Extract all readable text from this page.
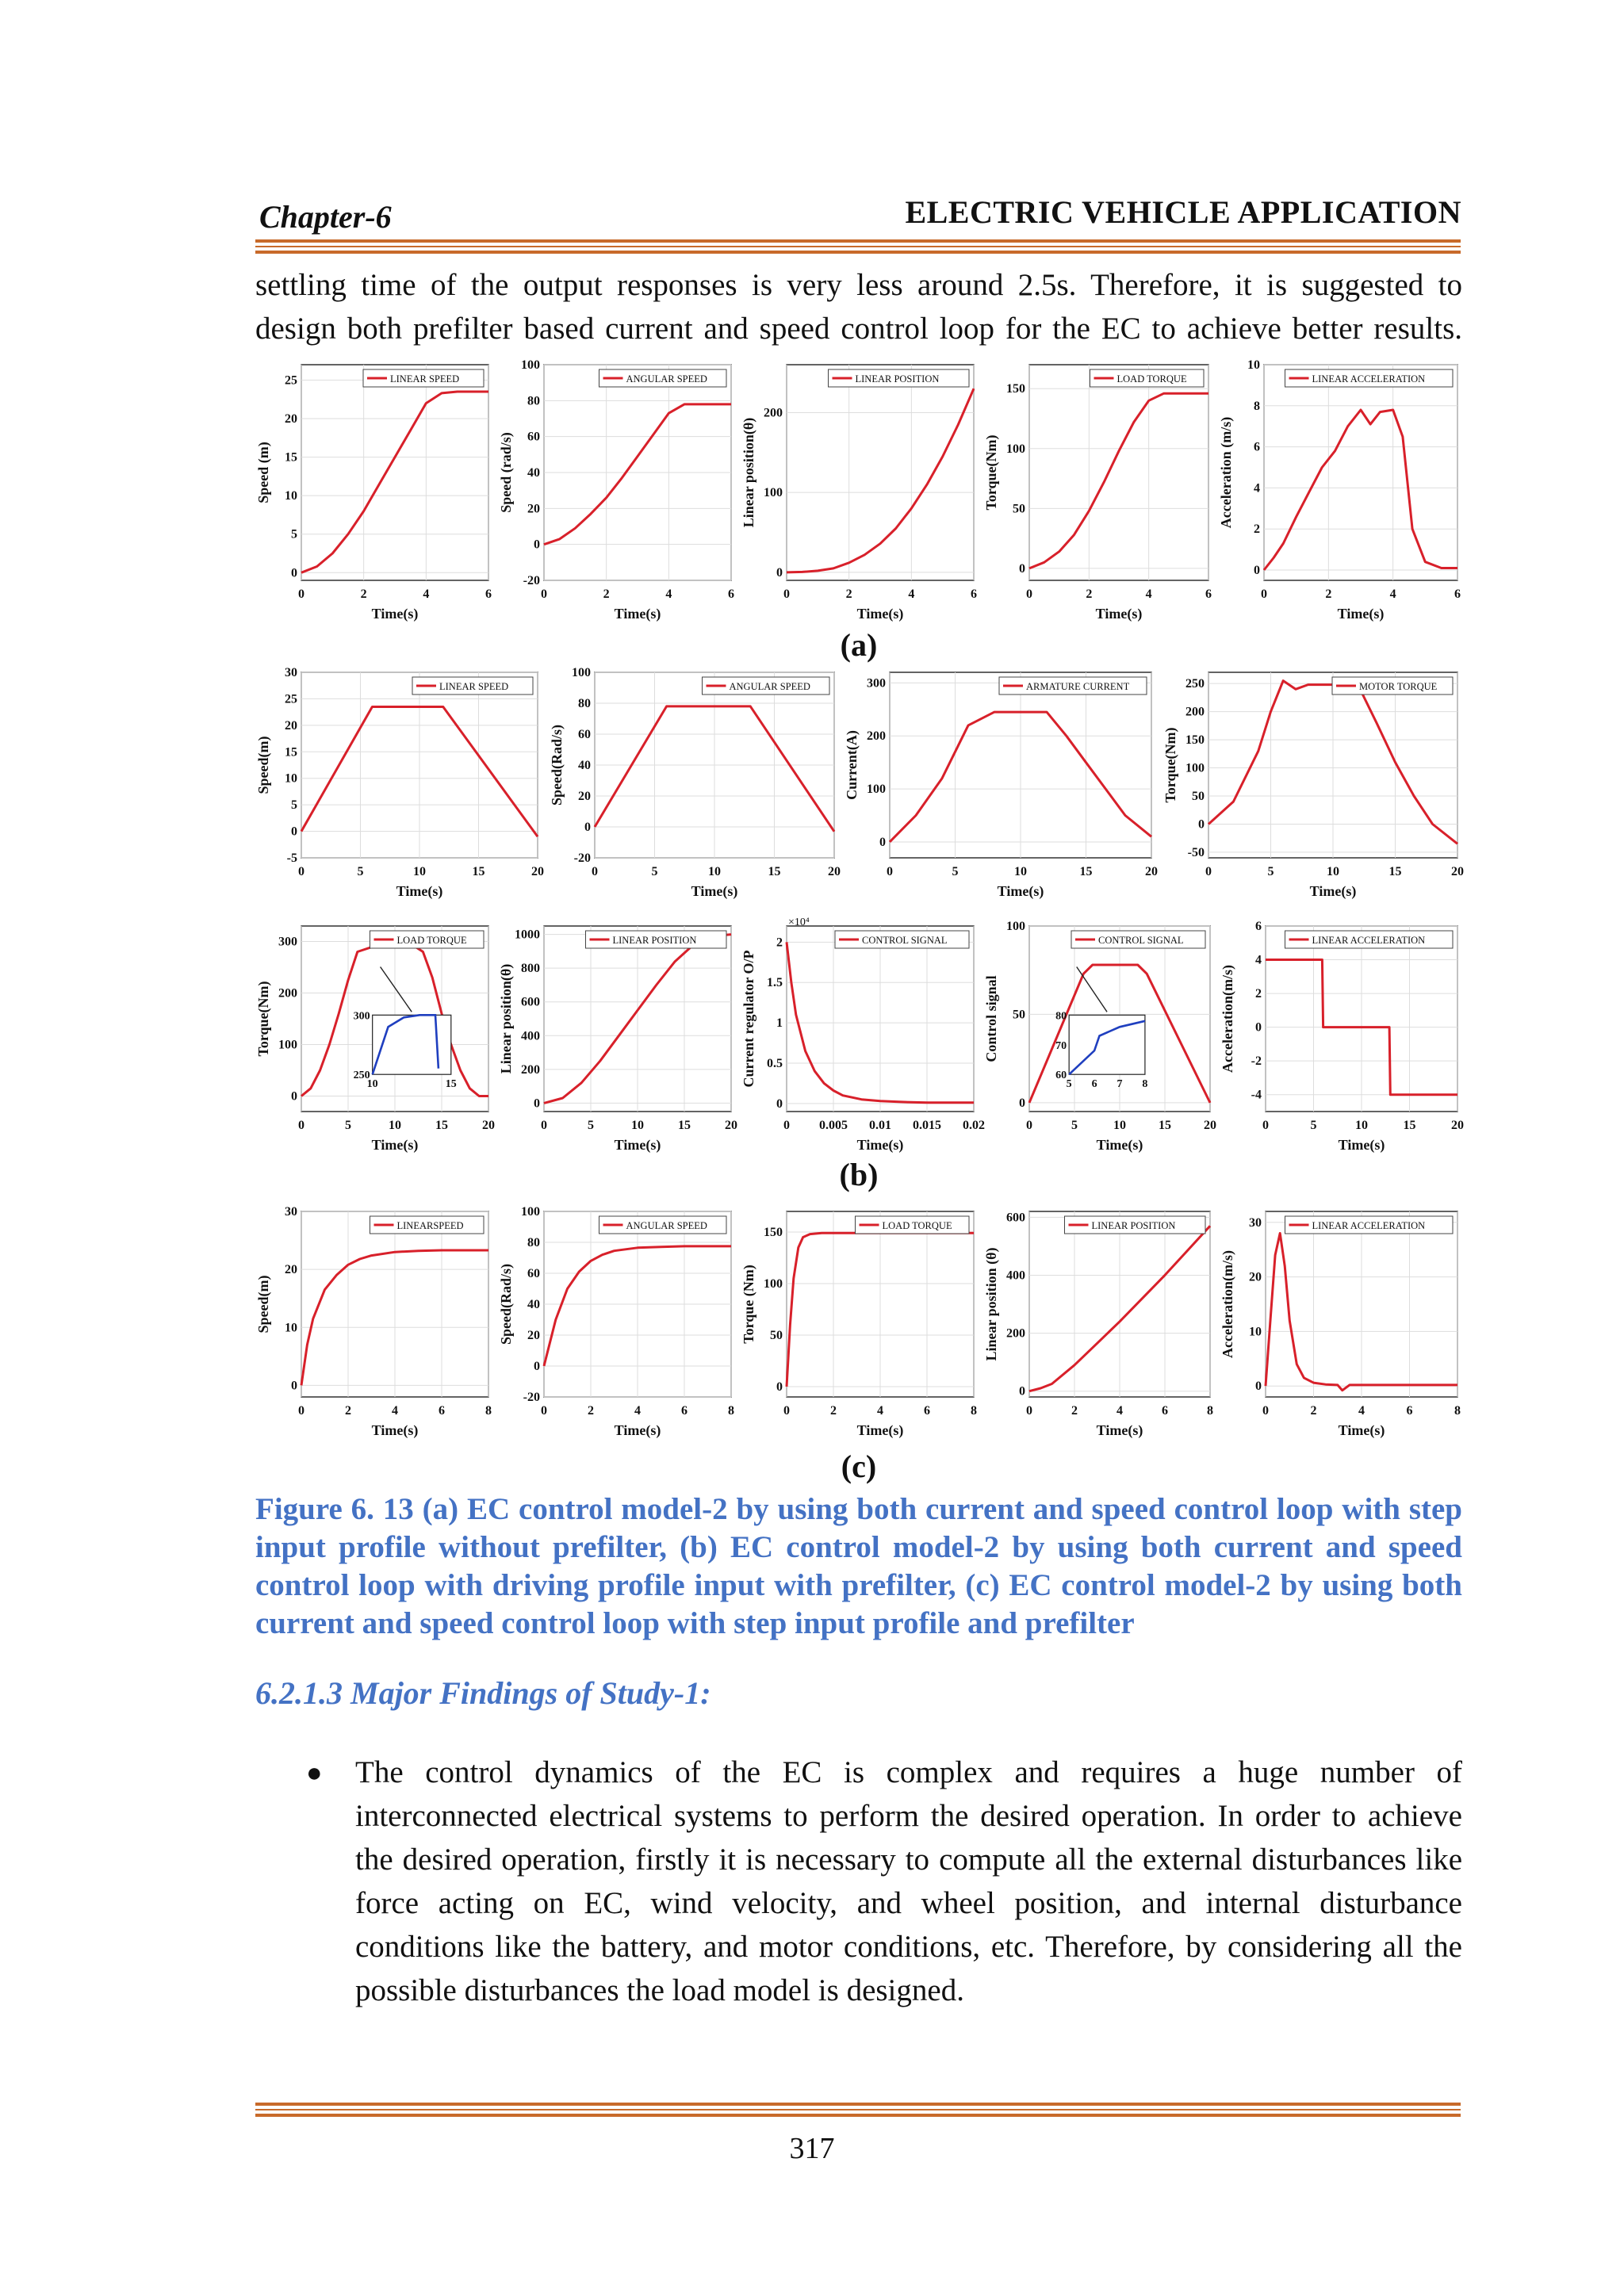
Chapter-6	ELECTRIC VEHICLE APPLICATION
settling time of the output responses is very less around 2.5s. Therefore, it is suggested to
design both prefilter based current and speed control loop for the EC to achieve better results.
0	2	4	6
0
5
10
15
20
25
Time(s)
Speed (m)
LINEAR SPEED
0	2	4	6
-20
0
20
40
60
80
100
Time(s)
Speed (rad/s)
ANGULAR SPEED
0	2	4	6
0
100
200
Time(s)
Linear position(θ)
LINEAR POSITION
0	2	4	6
0
50
100
150
Time(s)
Torque(Nm)
LOAD TORQUE
0	2	4	6
0
2
4
6
8
10
Time(s)
Acceleration (m/s)
LINEAR ACCELERATION
(a)
0	5	10	15	20
-5
0
5
10
15
20
25
30
Time(s)
Speed(m)
LINEAR SPEED
0	5	10	15	20
-20
0
20
40
60
80
100
Time(s)
Speed(Rad/s)
ANGULAR SPEED
0	5	10	15	20
0
100
200
300
Time(s)
Current(A)
ARMATURE CURRENT
0	5	10	15	20
-50
0
50
100
150
200
250
Time(s)
Torque(Nm)
MOTOR TORQUE
0	5	10	15	20
0
100
200
300
Time(s)
Torque(Nm)
LOAD TORQUE
10	15
250
300
0	5	10	15	20
0
200
400
600
800
1000
Time(s)
Linear position(θ)
LINEAR POSITION
0 0.005 0.01 0.015 0.02
0
0.5
1
1.5
2
Time(s)
Current regulator O/P
×10⁴
CONTROL SIGNAL
0	5	10	15	20
0
50
100
Time(s)
Control signal
CONTROL SIGNAL
5 6 7 8
60
70
80
0	5	10	15	20
-4
-2
0
2
4
6
Time(s)
Acceleration(m/s)
LINEAR ACCELERATION
(b)
0	2	4	6	8
0
10
20
30
Time(s)
Speed(m)
LINEARSPEED
0	2	4	6	8
-20
0
20
40
60
80
100
Time(s)
Speed(Rad/s)
ANGULAR SPEED
0	2	4	6	8
0
50
100
150
Time(s)
Torque (Nm)
LOAD TORQUE
0	2	4	6	8
0
200
400
600
Time(s)
Linear position (θ)
LINEAR POSITION
0	2	4	6	8
0
10
20
30
Time(s)
Acceleration(m/s)
LINEAR ACCELERATION
(c)
Figure 6. 13 (a) EC control model-2 by using both current and speed control loop with step input profile without prefilter, (b) EC control model-2 by using both current and speed control loop with driving profile input with prefilter, (c) EC control model-2 by using both current and speed control loop with step input profile and prefilter
6.2.1.3 Major Findings of Study-1:
● The control dynamics of the EC is complex and requires a huge number of interconnected electrical systems to perform the desired operation. In order to achieve the desired operation, firstly it is necessary to compute all the external disturbances like force acting on EC, wind velocity, and wheel position, and internal disturbance conditions like the battery, and motor conditions, etc. Therefore, by considering all the possible disturbances the load model is designed.
317
